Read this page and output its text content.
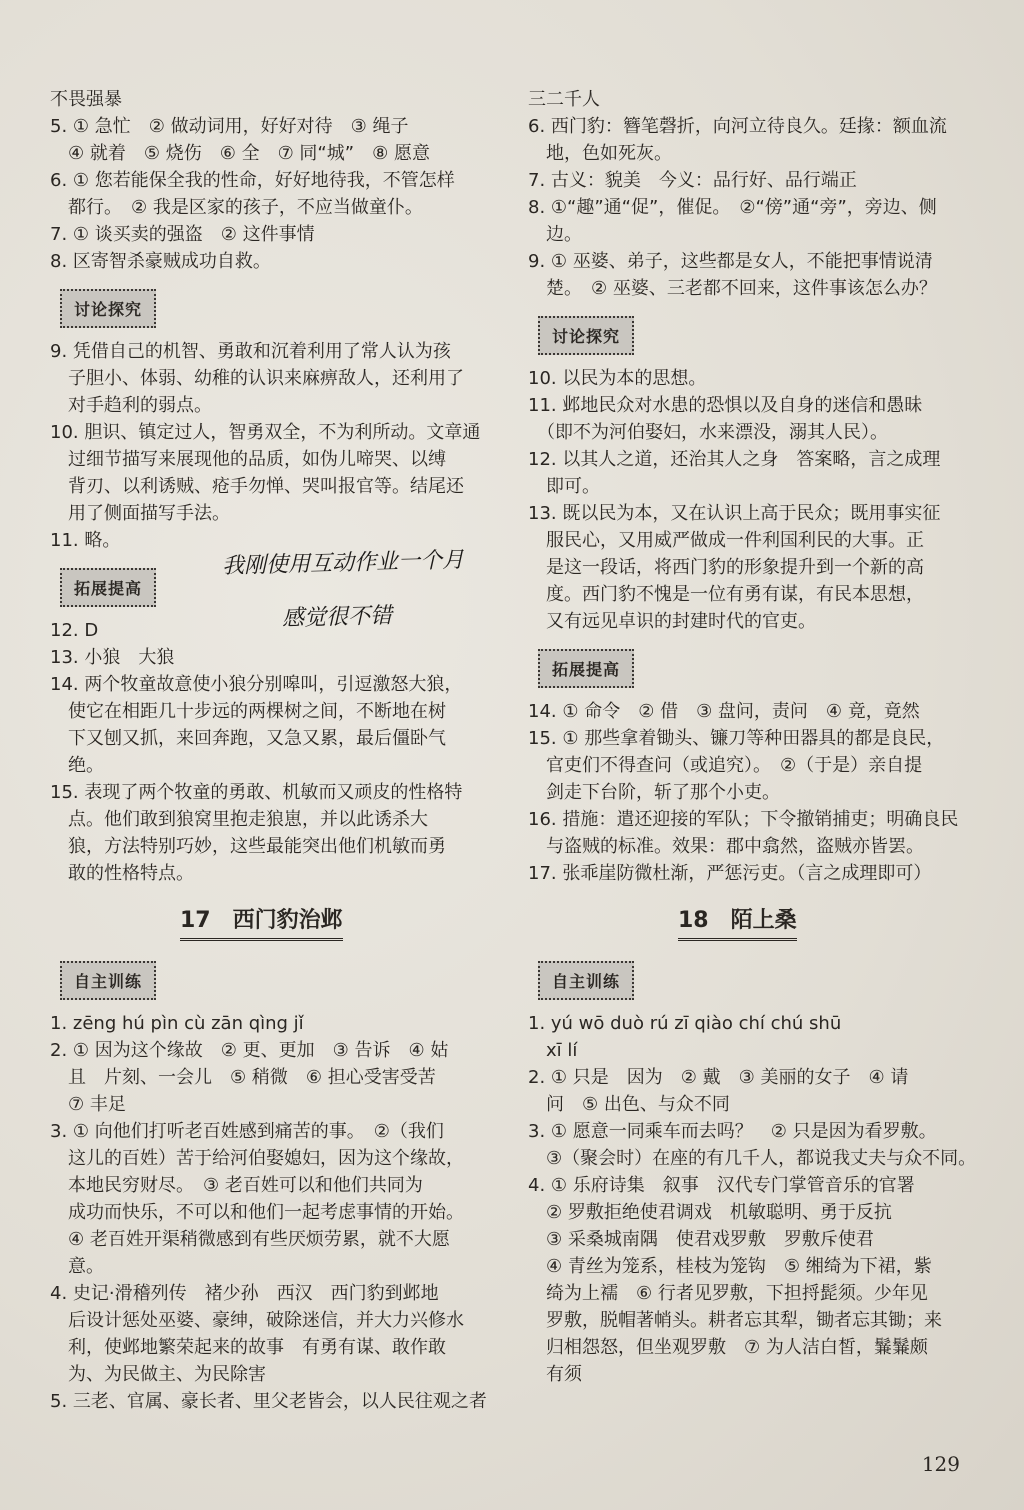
不畏强暴
5. ① 急忙　② 做动词用，好好对待　③ 绳子
　④ 就着　⑤ 烧伤　⑥ 全　⑦ 同“城”　⑧ 愿意
6. ① 您若能保全我的性命，好好地待我，不管怎样
　都行。　② 我是区家的孩子，不应当做童仆。
7. ① 谈买卖的强盗　② 这件事情
8. 区寄智杀豪贼成功自救。
讨论探究
9. 凭借自己的机智、勇敢和沉着利用了常人认为孩
　子胆小、体弱、幼稚的认识来麻痹敌人，还利用了
　对手趋利的弱点。
10. 胆识、镇定过人，智勇双全，不为利所动。文章通
　过细节描写来展现他的品质，如伪儿啼哭、以缚
　背刃、以利诱贼、疮手勿惮、哭叫报官等。结尾还
　用了侧面描写手法。
11. 略。
拓展提高
12. D
13. 小狼　大狼
14. 两个牧童故意使小狼分别嗥叫，引逗激怒大狼，
　使它在相距几十步远的两棵树之间，不断地在树
　下又刨又抓，来回奔跑，又急又累，最后僵卧气
　绝。
15. 表现了两个牧童的勇敢、机敏而又顽皮的性格特
　点。他们敢到狼窝里抱走狼崽，并以此诱杀大
　狼，方法特别巧妙，这些最能突出他们机敏而勇
　敢的性格特点。
17　西门豹治邺
自主训练
1. zēng hú pìn cù zān qìng jǐ
2. ① 因为这个缘故　② 更、更加　③ 告诉　④ 姑
　且　片刻、一会儿　⑤ 稍微　⑥ 担心受害受苦
　⑦ 丰足
3. ① 向他们打听老百姓感到痛苦的事。　②（我们
　这儿的百姓）苦于给河伯娶媳妇，因为这个缘故，
　本地民穷财尽。　③ 老百姓可以和他们共同为
　成功而快乐，不可以和他们一起考虑事情的开始。
　④ 老百姓开渠稍微感到有些厌烦劳累，就不大愿
　意。
4. 史记·滑稽列传　褚少孙　西汉　西门豹到邺地
　后设计惩处巫婆、豪绅，破除迷信，并大力兴修水
　利，使邺地繁荣起来的故事　有勇有谋、敢作敢
　为、为民做主、为民除害
5. 三老、官属、豪长者、里父老皆会，以人民往观之者
三二千人
6. 西门豹：簪笔磬折，向河立待良久。廷掾：额血流
　地，色如死灰。
7. 古义：貌美　今义：品行好、品行端正
8. ①“趣”通“促”，催促。　②“傍”通“旁”，旁边、侧
　边。
9. ① 巫婆、弟子，这些都是女人，不能把事情说清
　楚。　② 巫婆、三老都不回来，这件事该怎么办？
讨论探究
10. 以民为本的思想。
11. 邺地民众对水患的恐惧以及自身的迷信和愚昧
　（即不为河伯娶妇，水来漂没，溺其人民）。
12. 以其人之道，还治其人之身　答案略，言之成理
　即可。
13. 既以民为本，又在认识上高于民众；既用事实征
　服民心，又用威严做成一件利国利民的大事。正
　是这一段话，将西门豹的形象提升到一个新的高
　度。西门豹不愧是一位有勇有谋，有民本思想，
　又有远见卓识的封建时代的官吏。
拓展提高
14. ① 命令　② 借　③ 盘问，责问　④ 竟，竟然
15. ① 那些拿着锄头、镰刀等种田器具的都是良民，
　官吏们不得查问（或追究）。　②（于是）亲自提
　剑走下台阶，斩了那个小吏。
16. 措施：遣还迎接的军队；下令撤销捕吏；明确良民
　与盗贼的标准。效果：郡中翕然，盗贼亦皆罢。
17. 张乖崖防微杜渐，严惩污吏。（言之成理即可）
18　陌上桑
自主训练
1. yú wō duò rú zī qiào chí chú shū
　xī lí
2. ① 只是　因为　② 戴　③ 美丽的女子　④ 请
　问　⑤ 出色、与众不同
3. ① 愿意一同乘车而去吗？　② 只是因为看罗敷。
　③（聚会时）在座的有几千人，都说我丈夫与众不同。
4. ① 乐府诗集　叙事　汉代专门掌管音乐的官署
　② 罗敷拒绝使君调戏　机敏聪明、勇于反抗
　③ 采桑城南隅　使君戏罗敷　罗敷斥使君
　④ 青丝为笼系，桂枝为笼钩　⑤ 缃绮为下裙，紫
　绮为上襦　⑥ 行者见罗敷，下担捋髭须。少年见
　罗敷，脱帽著帩头。耕者忘其犁，锄者忘其锄；来
　归相怨怒，但坐观罗敷　⑦ 为人洁白皙，鬑鬑颇
　有须
我刚使用互动作业一个月
感觉很不错
129
